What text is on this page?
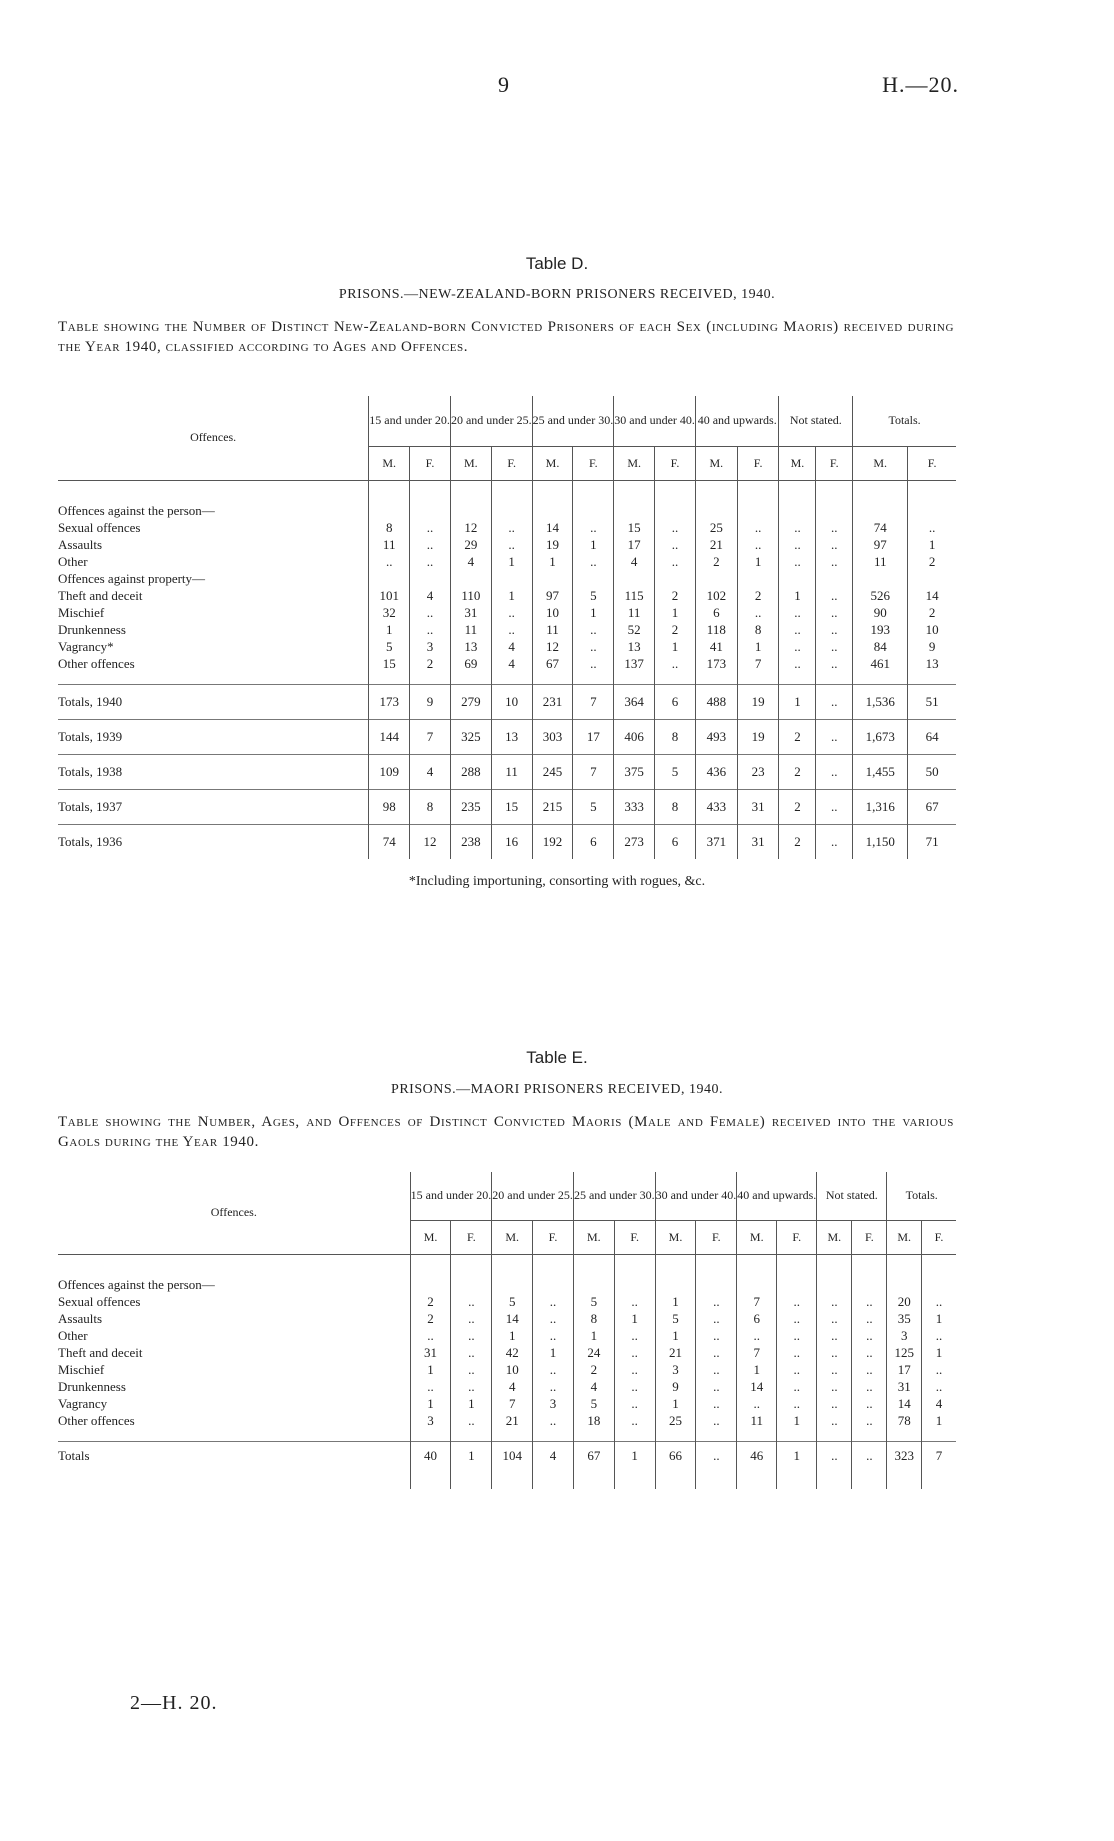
9	H.—20.
Table D.
PRISONS.—NEW-ZEALAND-BORN PRISONERS RECEIVED, 1940.
Table showing the Number of Distinct New-Zealand-born Convicted Prisoners of each Sex (including Maoris) received during the Year 1940, classified according to Ages and Offences.
Offences.	15 and under 20.		20 and under 25.		25 and under 30.		30 and under 40.		40 and upwards.		Not stated.		Totals.	
	M.	F.	M.	F.	M.	F.	M.	F.	M.	F.	M.	F.	M.	F.

Offences against the person—														
Sexual offences	8	..	12	..	14	..	15	..	25	..	..	..	74	..
Assaults	11	..	29	..	19	1	17	..	21	..	..	..	97	1
Other	..	..	4	1	1	..	4	..	2	1	..	..	11	2
Offences against property—														
Theft and deceit	101	4	110	1	97	5	115	2	102	2	1	..	526	14
Mischief	32	..	31	..	10	1	11	1	6	..	..	..	90	2
Drunkenness	1	..	11	..	11	..	52	2	118	8	..	..	193	10
Vagrancy*	5	3	13	4	12	..	13	1	41	1	..	..	84	9
Other offences	15	2	69	4	67	..	137	..	173	7	..	..	461	13

Totals, 1940	173	9	279	10	231	7	364	6	488	19	1	..	1,536	51
Totals, 1939	144	7	325	13	303	17	406	8	493	19	2	..	1,673	64
Totals, 1938	109	4	288	11	245	7	375	5	436	23	2	..	1,455	50
Totals, 1937	98	8	235	15	215	5	333	8	433	31	2	..	1,316	67
Totals, 1936	74	12	238	16	192	6	273	6	371	31	2	..	1,150	71
*Including importuning, consorting with rogues, &c.
Table E.
PRISONS.—MAORI PRISONERS RECEIVED, 1940.
Table showing the Number, Ages, and Offences of Distinct Convicted Maoris (Male and Female) received into the various Gaols during the Year 1940.
Offences.	15 and under 20.		20 and under 25.		25 and under 30.		30 and under 40.		40 and upwards.		Not stated.		Totals.	
	M.	F.	M.	F.	M.	F.	M.	F.	M.	F.	M.	F.	M.	F.

Offences against the person—														
Sexual offences	2	..	5	..	5	..	1	..	7	..	..	..	20	..
Assaults	2	..	14	..	8	1	5	..	6	..	..	..	35	1
Other	..	..	1	..	1	..	1	..	..	..	..	..	3	..
Theft and deceit	31	..	42	1	24	..	21	..	7	..	..	..	125	1
Mischief	1	..	10	..	2	..	3	..	1	..	..	..	17	..
Drunkenness	..	..	4	..	4	..	9	..	14	..	..	..	31	..
Vagrancy	1	1	7	3	5	..	1	..	..	..	..	..	14	4
Other offences	3	..	21	..	18	..	25	..	11	1	..	..	78	1

Totals	40	1	104	4	67	1	66	..	46	1	..	..	323	7

2—H. 20.
